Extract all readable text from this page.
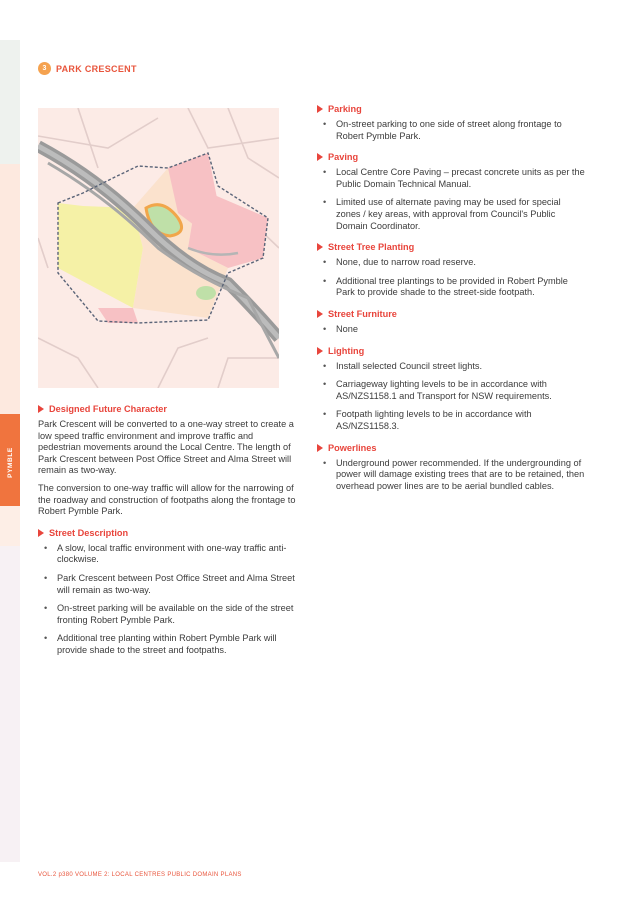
PYMBLE
3	PARK CRESCENT
Designed Future Character

Park Crescent will be converted to a one-way street to create a low speed traffic environment and improve traffic and pedestrian movements around the Local Centre. The length of Park Crescent between Post Office Street and Alma Street will remain as two-way.

The conversion to one-way traffic will allow for the narrowing of the roadway and construction of footpaths along the frontage to Robert Pymble Park.

Street Description
• A slow, local traffic environment with one-way traffic anti-clockwise.
• Park Crescent between Post Office Street and Alma Street will remain as two-way.
• On-street parking will be available on the side of the street fronting Robert Pymble Park.
• Additional tree planting within Robert Pymble Park will provide shade to the street and footpaths.
Parking
• On-street parking to one side of street along frontage to Robert Pymble Park.
Paving
• Local Centre Core Paving – precast concrete units as per the Public Domain Technical Manual.
• Limited use of alternate paving may be used for special zones / key areas, with approval from Council's Public Domain Coordinator.
Street Tree Planting
• None, due to narrow road reserve.
• Additional tree plantings to be provided in Robert Pymble Park to provide shade to the street-side footpath.
Street Furniture
• None
Lighting
• Install selected Council street lights.
• Carriageway lighting levels to be in accordance with AS/NZS1158.1 and Transport for NSW requirements.
• Footpath lighting levels to be in accordance with AS/NZS1158.3.
Powerlines
• Underground power recommended. If the undergrounding of power will damage existing trees that are to be retained, then overhead power lines are to be aerial bundled cables.
VOL.2 p380 VOLUME 2: LOCAL CENTRES PUBLIC DOMAIN PLANS
